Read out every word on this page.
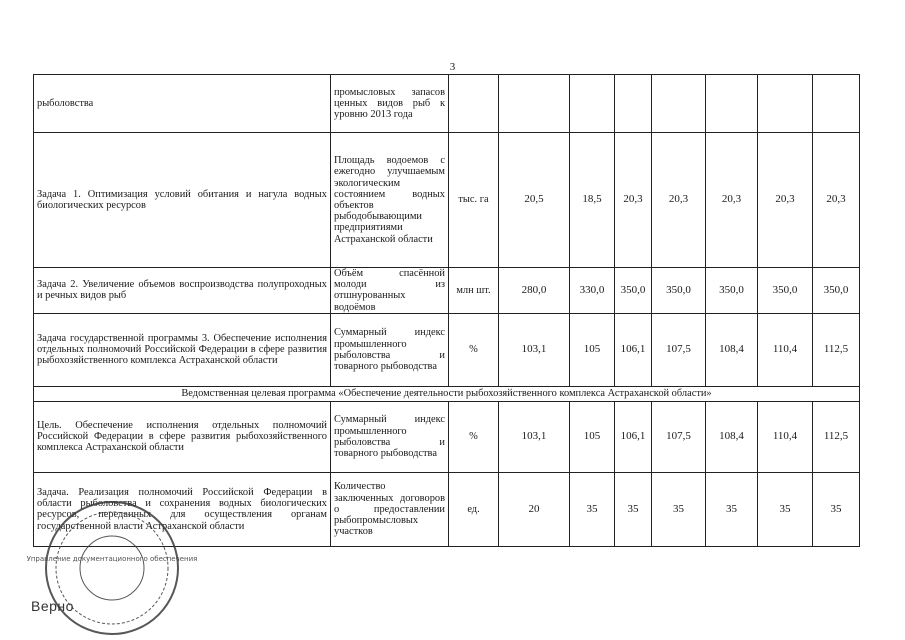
3
рыболовства	промысловых запасов ценных видов рыб к уровню 2013 года								
Задача 1. Оптимизация условий обитания и нагула водных биологических ресурсов	Площадь водоемов с ежегодно улучшаемым экологическим состоянием водных объектов рыбодобывающими предприятиями Астраханской области	тыс. га	20,5	18,5	20,3	20,3	20,3	20,3	20,3
Задача 2. Увеличение объемов воспроизводства полупроходных и речных видов рыб	Объём спасённой молоди из отшнурованных водоёмов	млн шт.	280,0	330,0	350,0	350,0	350,0	350,0	350,0
Задача государственной программы 3. Обеспечение исполнения отдельных полномочий Российской Федерации в сфере развития рыбохозяйственного комплекса Астраханской области	Суммарный индекс промышленного рыболовства и товарного рыбоводства	%	103,1	105	106,1	107,5	108,4	110,4	112,5
Ведомственная целевая программа «Обеспечение деятельности рыбохозяйственного комплекса Астраханской области»									
Цель. Обеспечение исполнения отдельных полномочий Российской Федерации в сфере развития рыбохозяйственного комплекса Астраханской области	Суммарный индекс промышленного рыболовства и товарного рыбоводства	%	103,1	105	106,1	107,5	108,4	110,4	112,5
Задача. Реализация полномочий Российской Федерации в области рыболовства и сохранения водных биологических ресурсов, переданных для осуществления органам государственной власти Астраханской области	Количество заключенных договоров о предоставлении рыбопромысловых участков	ед.	20	35	35	35	35	35	35
Управление документационного обеспечения
Верно
